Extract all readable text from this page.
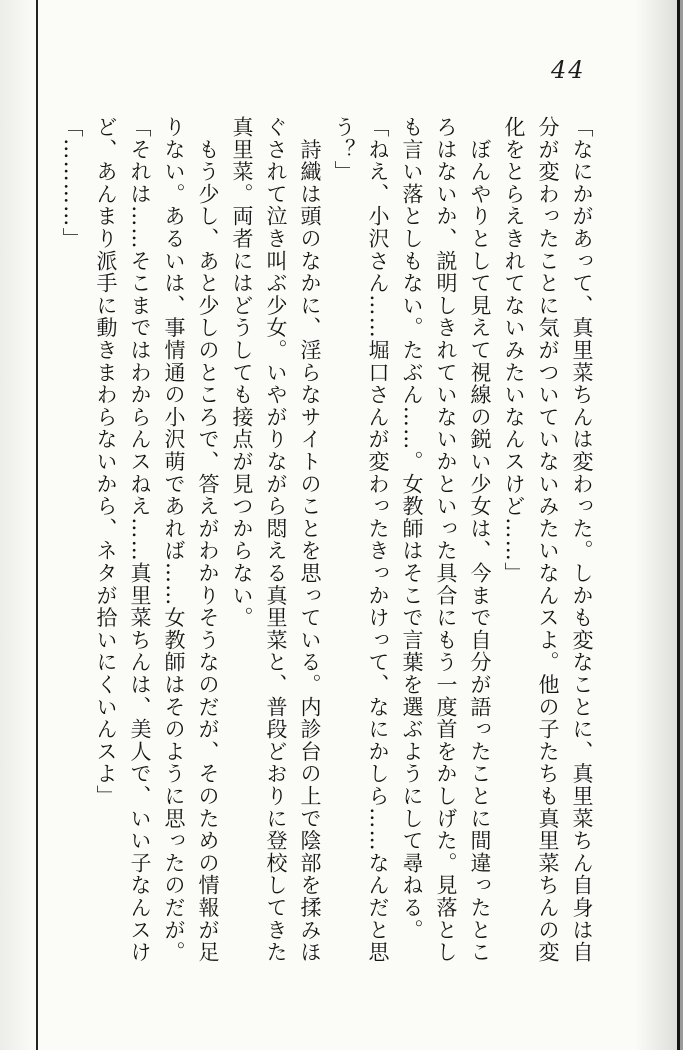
44

「なにかがあって、真里菜ちんは変わった。しかも変なことに、真里菜ちん自身は自

分が変わったことに気がついていないみたいなんスよ。他の子たちも真里菜ちんの変

化をとらえきれてないみたいなんスけど……」

　ぼんやりとして見えて視線の鋭い少女は、今まで自分が語ったことに間違ったとこ

ろはないか、説明しきれていないかといった具合にもう一度首をかしげた。見落とし

も言い落としもない。たぶん……。女教師はそこで言葉を選ぶようにして尋ねる。

「ねえ、小沢さん……堀口さんが変わったきっかけって、なにかしら……なんだと思

う？」

　詩織は頭のなかに、淫らなサイトのことを思っている。内診台の上で陰部を揉みほ

ぐされて泣き叫ぶ少女。いやがりながら悶える真里菜と、普段どおりに登校してきた

真里菜。両者にはどうしても接点が見つからない。

　もう少し、あと少しのところで、答えがわかりそうなのだが、そのための情報が足

りない。あるいは、事情通の小沢萌であれば……女教師はそのように思ったのだが。

「それは……そこまではわからんスねえ……真里菜ちんは、美人で、いい子なんスけ

ど、あんまり派手に動きまわらないから、ネタが拾いにくいんスよ」

「…………」
